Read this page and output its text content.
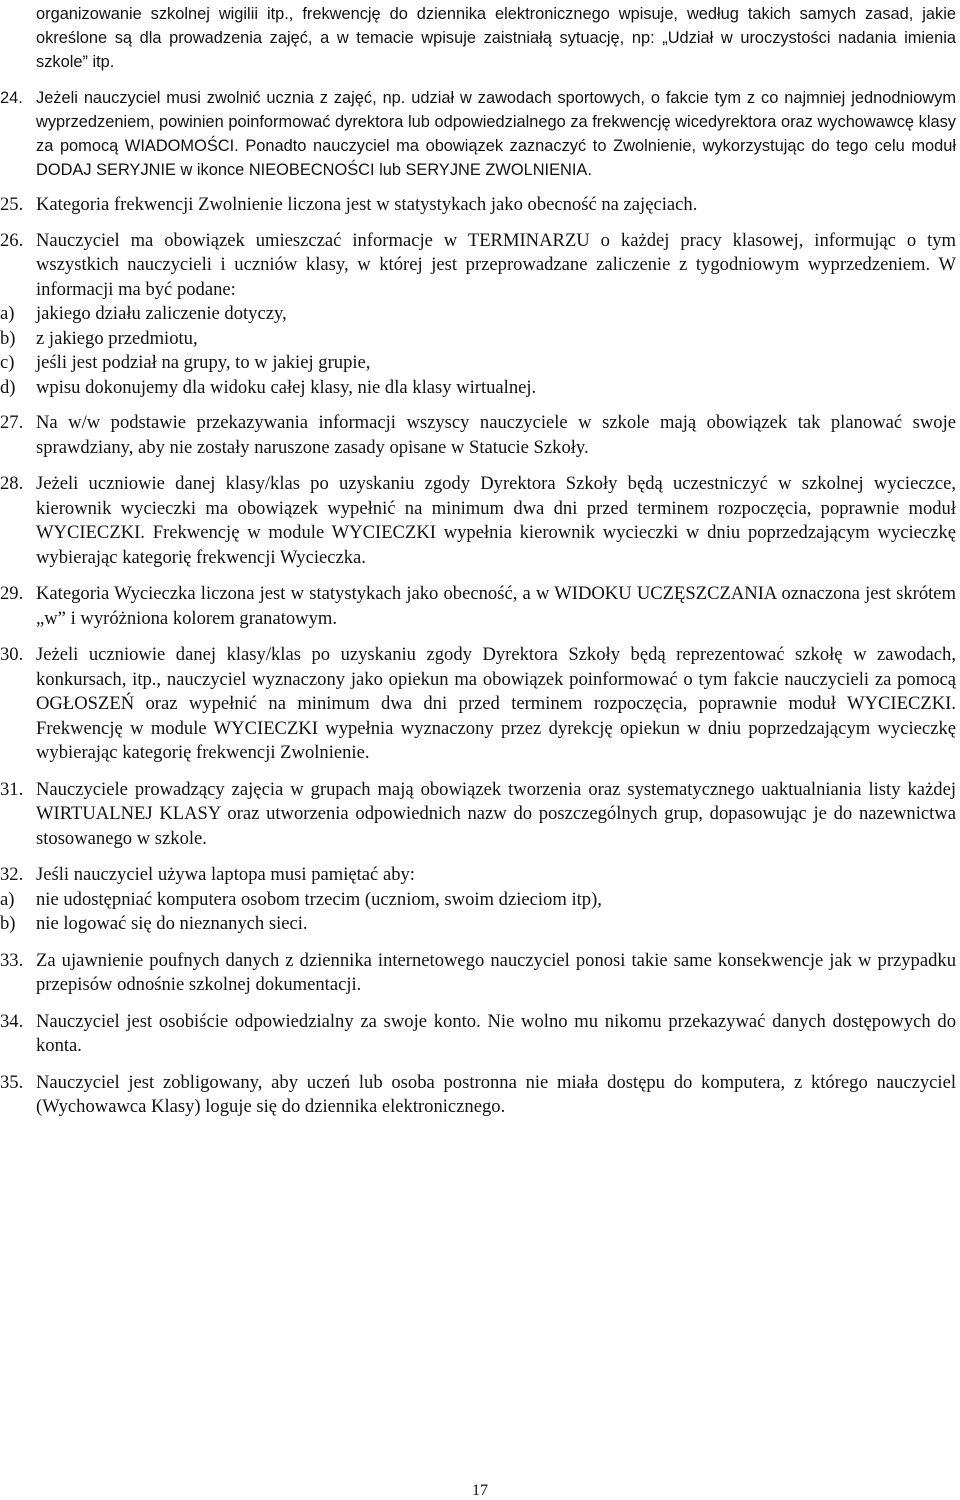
organizowanie szkolnej wigilii itp., frekwencję do dziennika elektronicznego wpisuje, według takich samych zasad, jakie określone są dla prowadzenia zajęć, a w temacie wpisuje zaistniałą sytuację, np: „Udział w uroczystości nadania imienia szkole” itp.
24. Jeżeli nauczyciel musi zwolnić ucznia z zajęć, np. udział w zawodach sportowych, o fakcie tym z co najmniej jednodniowym wyprzedzeniem, powinien poinformować dyrektora lub odpowiedzialnego za frekwencję wicedyrektora oraz wychowawcę klasy za pomocą WIADOMOŚCI. Ponadto nauczyciel ma obowiązek zaznaczyć to Zwolnienie, wykorzystując do tego celu moduł DODAJ SERYJNIE w ikonce NIEOBECNOŚCI lub SERYJNE ZWOLNIENIA.
25. Kategoria frekwencji Zwolnienie liczona jest w statystykach jako obecność na zajęciach.
26. Nauczyciel ma obowiązek umieszczać informacje w TERMINARZU o każdej pracy klasowej, informując o tym wszystkich nauczycieli i uczniów klasy, w której jest przeprowadzane zaliczenie z tygodniowym wyprzedzeniem. W informacji ma być podane:
a)	jakiego działu zaliczenie dotyczy,
b)	z jakiego przedmiotu,
c)	jeśli jest podział na grupy, to w jakiej grupie,
d)	wpisu dokonujemy dla widoku całej klasy, nie dla klasy wirtualnej.
27. Na w/w podstawie przekazywania informacji wszyscy nauczyciele w szkole mają obowiązek tak planować swoje sprawdziany, aby nie zostały naruszone zasady opisane w Statucie Szkoły.
28. Jeżeli uczniowie danej klasy/klas po uzyskaniu zgody Dyrektora Szkoły będą uczestniczyć w szkolnej wycieczce, kierownik wycieczki ma obowiązek wypełnić na minimum dwa dni przed terminem rozpoczęcia, poprawnie moduł WYCIECZKI. Frekwencję w module WYCIECZKI wypełnia kierownik wycieczki w dniu poprzedzającym wycieczkę wybierając kategorię frekwencji Wycieczka.
29. Kategoria Wycieczka liczona jest w statystykach jako obecność, a w WIDOKU UCZĘSZCZANIA oznaczona jest skrótem „w” i wyróżniona kolorem granatowym.
30. Jeżeli uczniowie danej klasy/klas po uzyskaniu zgody Dyrektora Szkoły będą reprezentować szkołę w zawodach, konkursach, itp., nauczyciel wyznaczony jako opiekun ma obowiązek poinformować o tym fakcie nauczycieli za pomocą OGŁOSZEŃ oraz wypełnić na minimum dwa dni przed terminem rozpoczęcia, poprawnie moduł WYCIECZKI. Frekwencję w module WYCIECZKI wypełnia wyznaczony przez dyrekcję opiekun w dniu poprzedzającym wycieczkę wybierając kategorię frekwencji Zwolnienie.
31. Nauczyciele prowadzący zajęcia w grupach mają obowiązek tworzenia oraz systematycznego uaktualniania listy każdej WIRTUALNEJ KLASY oraz utworzenia odpowiednich nazw do poszczególnych grup, dopasowując je do nazewnictwa stosowanego w szkole.
32. Jeśli nauczyciel używa laptopa musi pamiętać aby:
a)	nie udostępniać komputera osobom trzecim (uczniom, swoim dzieciom itp),
b)	nie logować się do nieznanych sieci.
33. Za ujawnienie poufnych danych z dziennika internetowego nauczyciel ponosi takie same konsekwencje jak w przypadku przepisów odnośnie szkolnej dokumentacji.
34. Nauczyciel jest osobiście odpowiedzialny za swoje konto. Nie wolno mu nikomu przekazywać danych dostępowych do konta.
35. Nauczyciel jest zobligowany, aby uczeń lub osoba postronna nie miała dostępu do komputera, z którego nauczyciel (Wychowawca Klasy) loguje się do dziennika elektronicznego.
17
